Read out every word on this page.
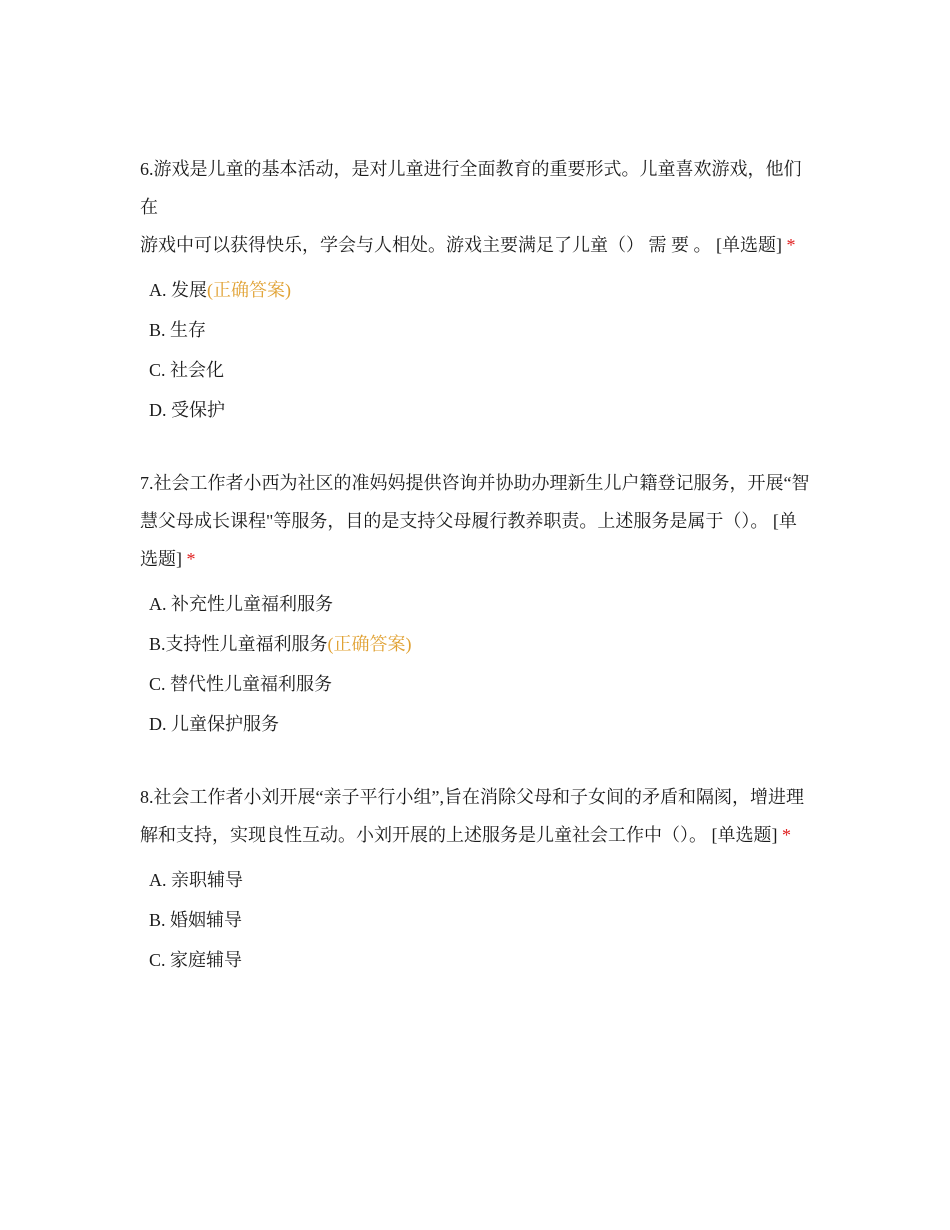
6.游戏是儿童的基本活动，是对儿童进行全面教育的重要形式。儿童喜欢游戏，他们在
游戏中可以获得快乐，学会与人相处。游戏主要满足了儿童（） 需 要 。 [单选题] *
A. 发展(正确答案)
B. 生存
C. 社会化
D. 受保护
7.社会工作者小西为社区的准妈妈提供咨询并协助办理新生儿户籍登记服务，开展“智
慧父母成长课程"等服务，目的是支持父母履行教养职责。上述服务是属于（）。 [单选题] *
A. 补充性儿童福利服务
B.支持性儿童福利服务(正确答案)
C. 替代性儿童福利服务
D. 儿童保护服务
8.社会工作者小刘开展“亲子平行小组”,旨在消除父母和子女间的矛盾和隔阂，增进理解和支持，实现良性互动。小刘开展的上述服务是儿童社会工作中（）。 [单选题] *
A. 亲职辅导
B. 婚姻辅导
C. 家庭辅导
